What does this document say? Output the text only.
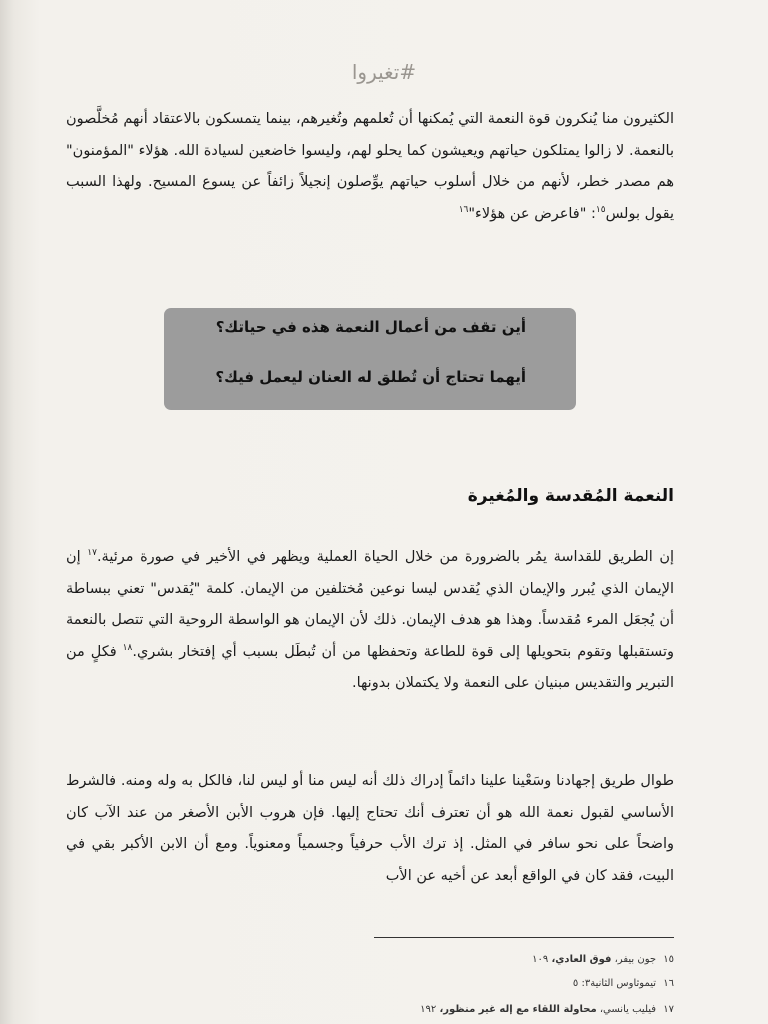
#تغيروا
الكثيرون منا يُنكرون قوة النعمة التي يُمكنها أن تُعلمهم وتُغيرهم، بينما يتمسكون بالاعتقاد أنهم مُخلَّصون بالنعمة. لا زالوا يمتلكون حياتهم ويعيشون كما يحلو لهم، وليسوا خاضعين لسيادة الله. هؤلاء "المؤمنون" هم مصدر خطر، لأنهم من خلال أسلوب حياتهم يوِّصلون إنجيلاً زائفاً عن يسوع المسيح. ولهذا السبب يقول بولس$^{١٥}$: "فاعرض عن هؤلاء"$^{١٦}$
أين تقف من أعمال النعمة هذه في حياتك؟
أيهما تحتاج أن تُطلق له العنان ليعمل فيك؟
النعمة المُقدسة والمُغيرة
إن الطريق للقداسة يمُر بالضرورة من خلال الحياة العملية ويظهر في الأخير في صورة مرئية.$^{١٧}$ إن الإيمان الذي يُبرر والإيمان الذي يُقدس ليسا نوعين مُختلفين من الإيمان. كلمة "يُقدس" تعني ببساطة أن يُجعَل المرء مُقدساً. وهذا هو هدف الإيمان. ذلك لأن الإيمان هو الواسطة الروحية التي تتصل بالنعمة وتستقبلها وتقوم بتحويلها إلى قوة للطاعة وتحفظها من أن تُبطَل بسبب أي إفتخار بشري.$^{١٨}$ فكلٍ من التبرير والتقديس مبنيان على النعمة ولا يكتملان بدونها.
طوال طريق إجهادنا وسَعْينا علينا دائماً إدراك ذلك أنه ليس منا أو ليس لنا، فالكل به وله ومنه. فالشرط الأساسي لقبول نعمة الله هو أن تعترف أنك تحتاج إليها. فإن هروب الأبن الأصغر من عند الآب كان واضحاً على نحو سافر في المثل. إذ ترك الأب حرفياً وجسمياً ومعنوياً. ومع أن الابن الأكبر بقي في البيت، فقد كان في الواقع أبعد عن أخيه عن الأب
١٥ جون بيفر، فوق العادي، ١٠٩
١٦ تيموثاوس الثانية٣: ٥
١٧ فيليب يانسي، محاولة اللقاء مع إله غير منظور، ١٩٢
